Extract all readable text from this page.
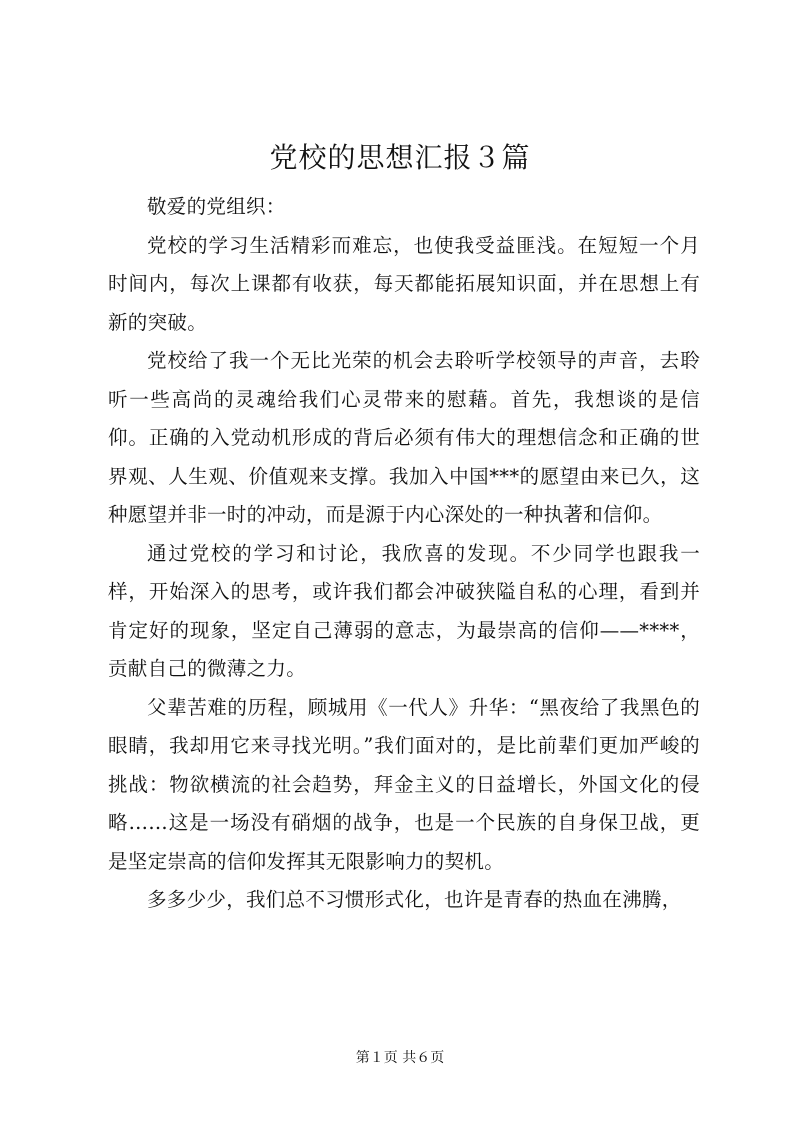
党校的思想汇报３篇

敬爱的党组织：

党校的学习生活精彩而难忘，也使我受益匪浅。在短短一个月时间内，每次上课都有收获，每天都能拓展知识面，并在思想上有新的突破。

党校给了我一个无比光荣的机会去聆听学校领导的声音，去聆听一些高尚的灵魂给我们心灵带来的慰藉。首先，我想谈的是信仰。正确的入党动机形成的背后必须有伟大的理想信念和正确的世界观、人生观、价值观来支撑。我加入中国***的愿望由来已久，这种愿望并非一时的冲动，而是源于内心深处的一种执著和信仰。

通过党校的学习和讨论，我欣喜的发现。不少同学也跟我一样，开始深入的思考，或许我们都会冲破狭隘自私的心理，看到并肯定好的现象，坚定自己薄弱的意志，为最崇高的信仰——****，贡献自己的微薄之力。

父辈苦难的历程，顾城用《一代人》升华：“黑夜给了我黑色的眼睛，我却用它来寻找光明。”我们面对的，是比前辈们更加严峻的挑战：物欲横流的社会趋势，拜金主义的日益增长，外国文化的侵略……这是一场没有硝烟的战争，也是一个民族的自身保卫战，更是坚定崇高的信仰发挥其无限影响力的契机。

多多少少，我们总不习惯形式化，也许是青春的热血在沸腾，

第１页 共６页
